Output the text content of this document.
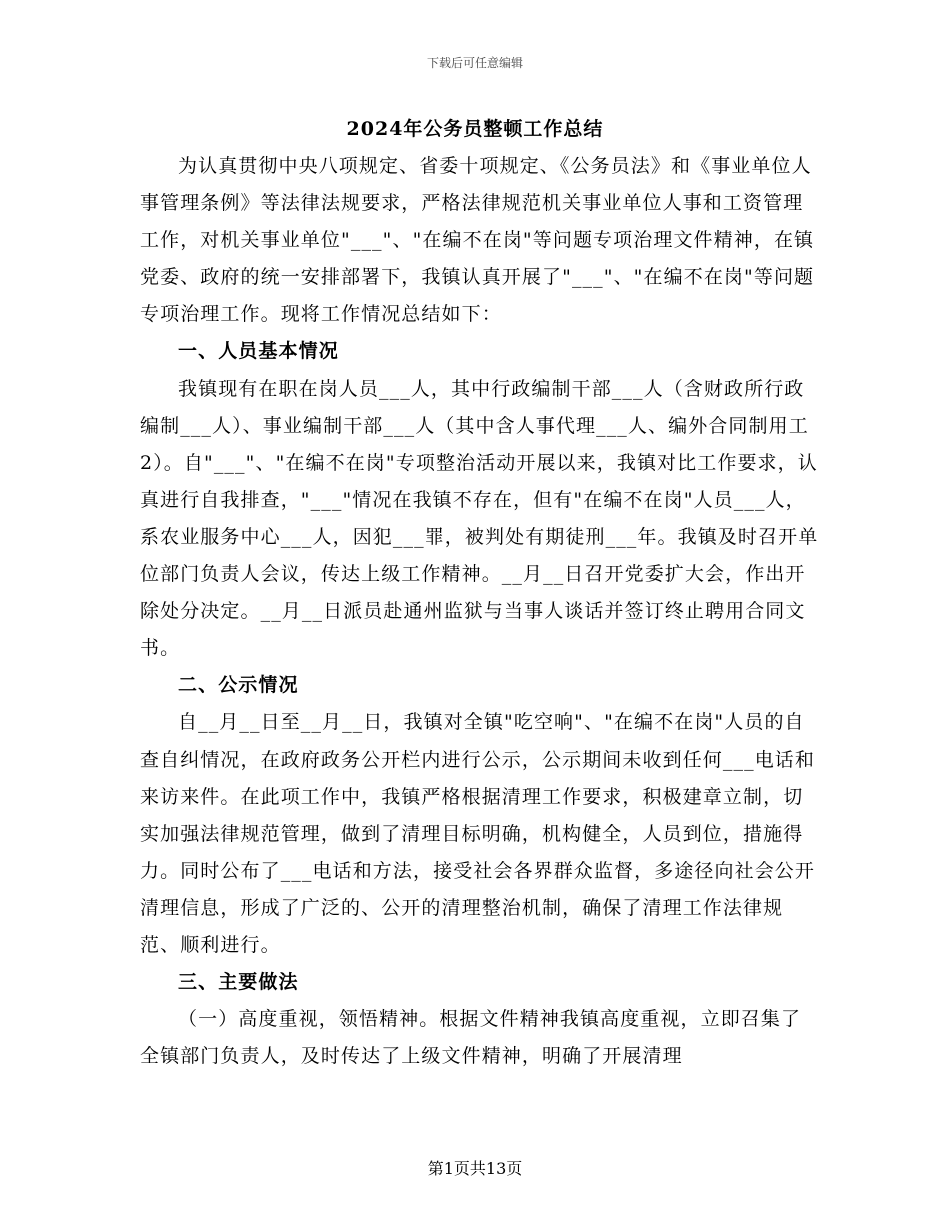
下载后可任意编辑
2024年公务员整顿工作总结

为认真贯彻中央八项规定、省委十项规定、《公务员法》和《事业单位人事管理条例》等法律法规要求，严格法律规范机关事业单位人事和工资管理工作，对机关事业单位"___"、"在编不在岗"等问题专项治理文件精神，在镇党委、政府的统一安排部署下，我镇认真开展了"___"、"在编不在岗"等问题专项治理工作。现将工作情况总结如下：

一、人员基本情况

我镇现有在职在岗人员___人，其中行政编制干部___人（含财政所行政编制___人）、事业编制干部___人（其中含人事代理___人、编外合同制用工2）。自"___"、"在编不在岗"专项整治活动开展以来，我镇对比工作要求，认真进行自我排查，"___"情况在我镇不存在，但有"在编不在岗"人员___人，系农业服务中心___人，因犯___罪，被判处有期徒刑___年。我镇及时召开单位部门负责人会议，传达上级工作精神。__月__日召开党委扩大会，作出开除处分决定。__月__日派员赴通州监狱与当事人谈话并签订终止聘用合同文书。

二、公示情况

自__月__日至__月__日，我镇对全镇"吃空响"、"在编不在岗"人员的自查自纠情况，在政府政务公开栏内进行公示，公示期间未收到任何___电话和来访来件。在此项工作中，我镇严格根据清理工作要求，积极建章立制，切实加强法律规范管理，做到了清理目标明确，机构健全，人员到位，措施得力。同时公布了___电话和方法，接受社会各界群众监督，多途径向社会公开清理信息，形成了广泛的、公开的清理整治机制，确保了清理工作法律规范、顺利进行。

三、主要做法

（一）高度重视，领悟精神。根据文件精神我镇高度重视，立即召集了全镇部门负责人，及时传达了上级文件精神，明确了开展清理

第1页共13页
